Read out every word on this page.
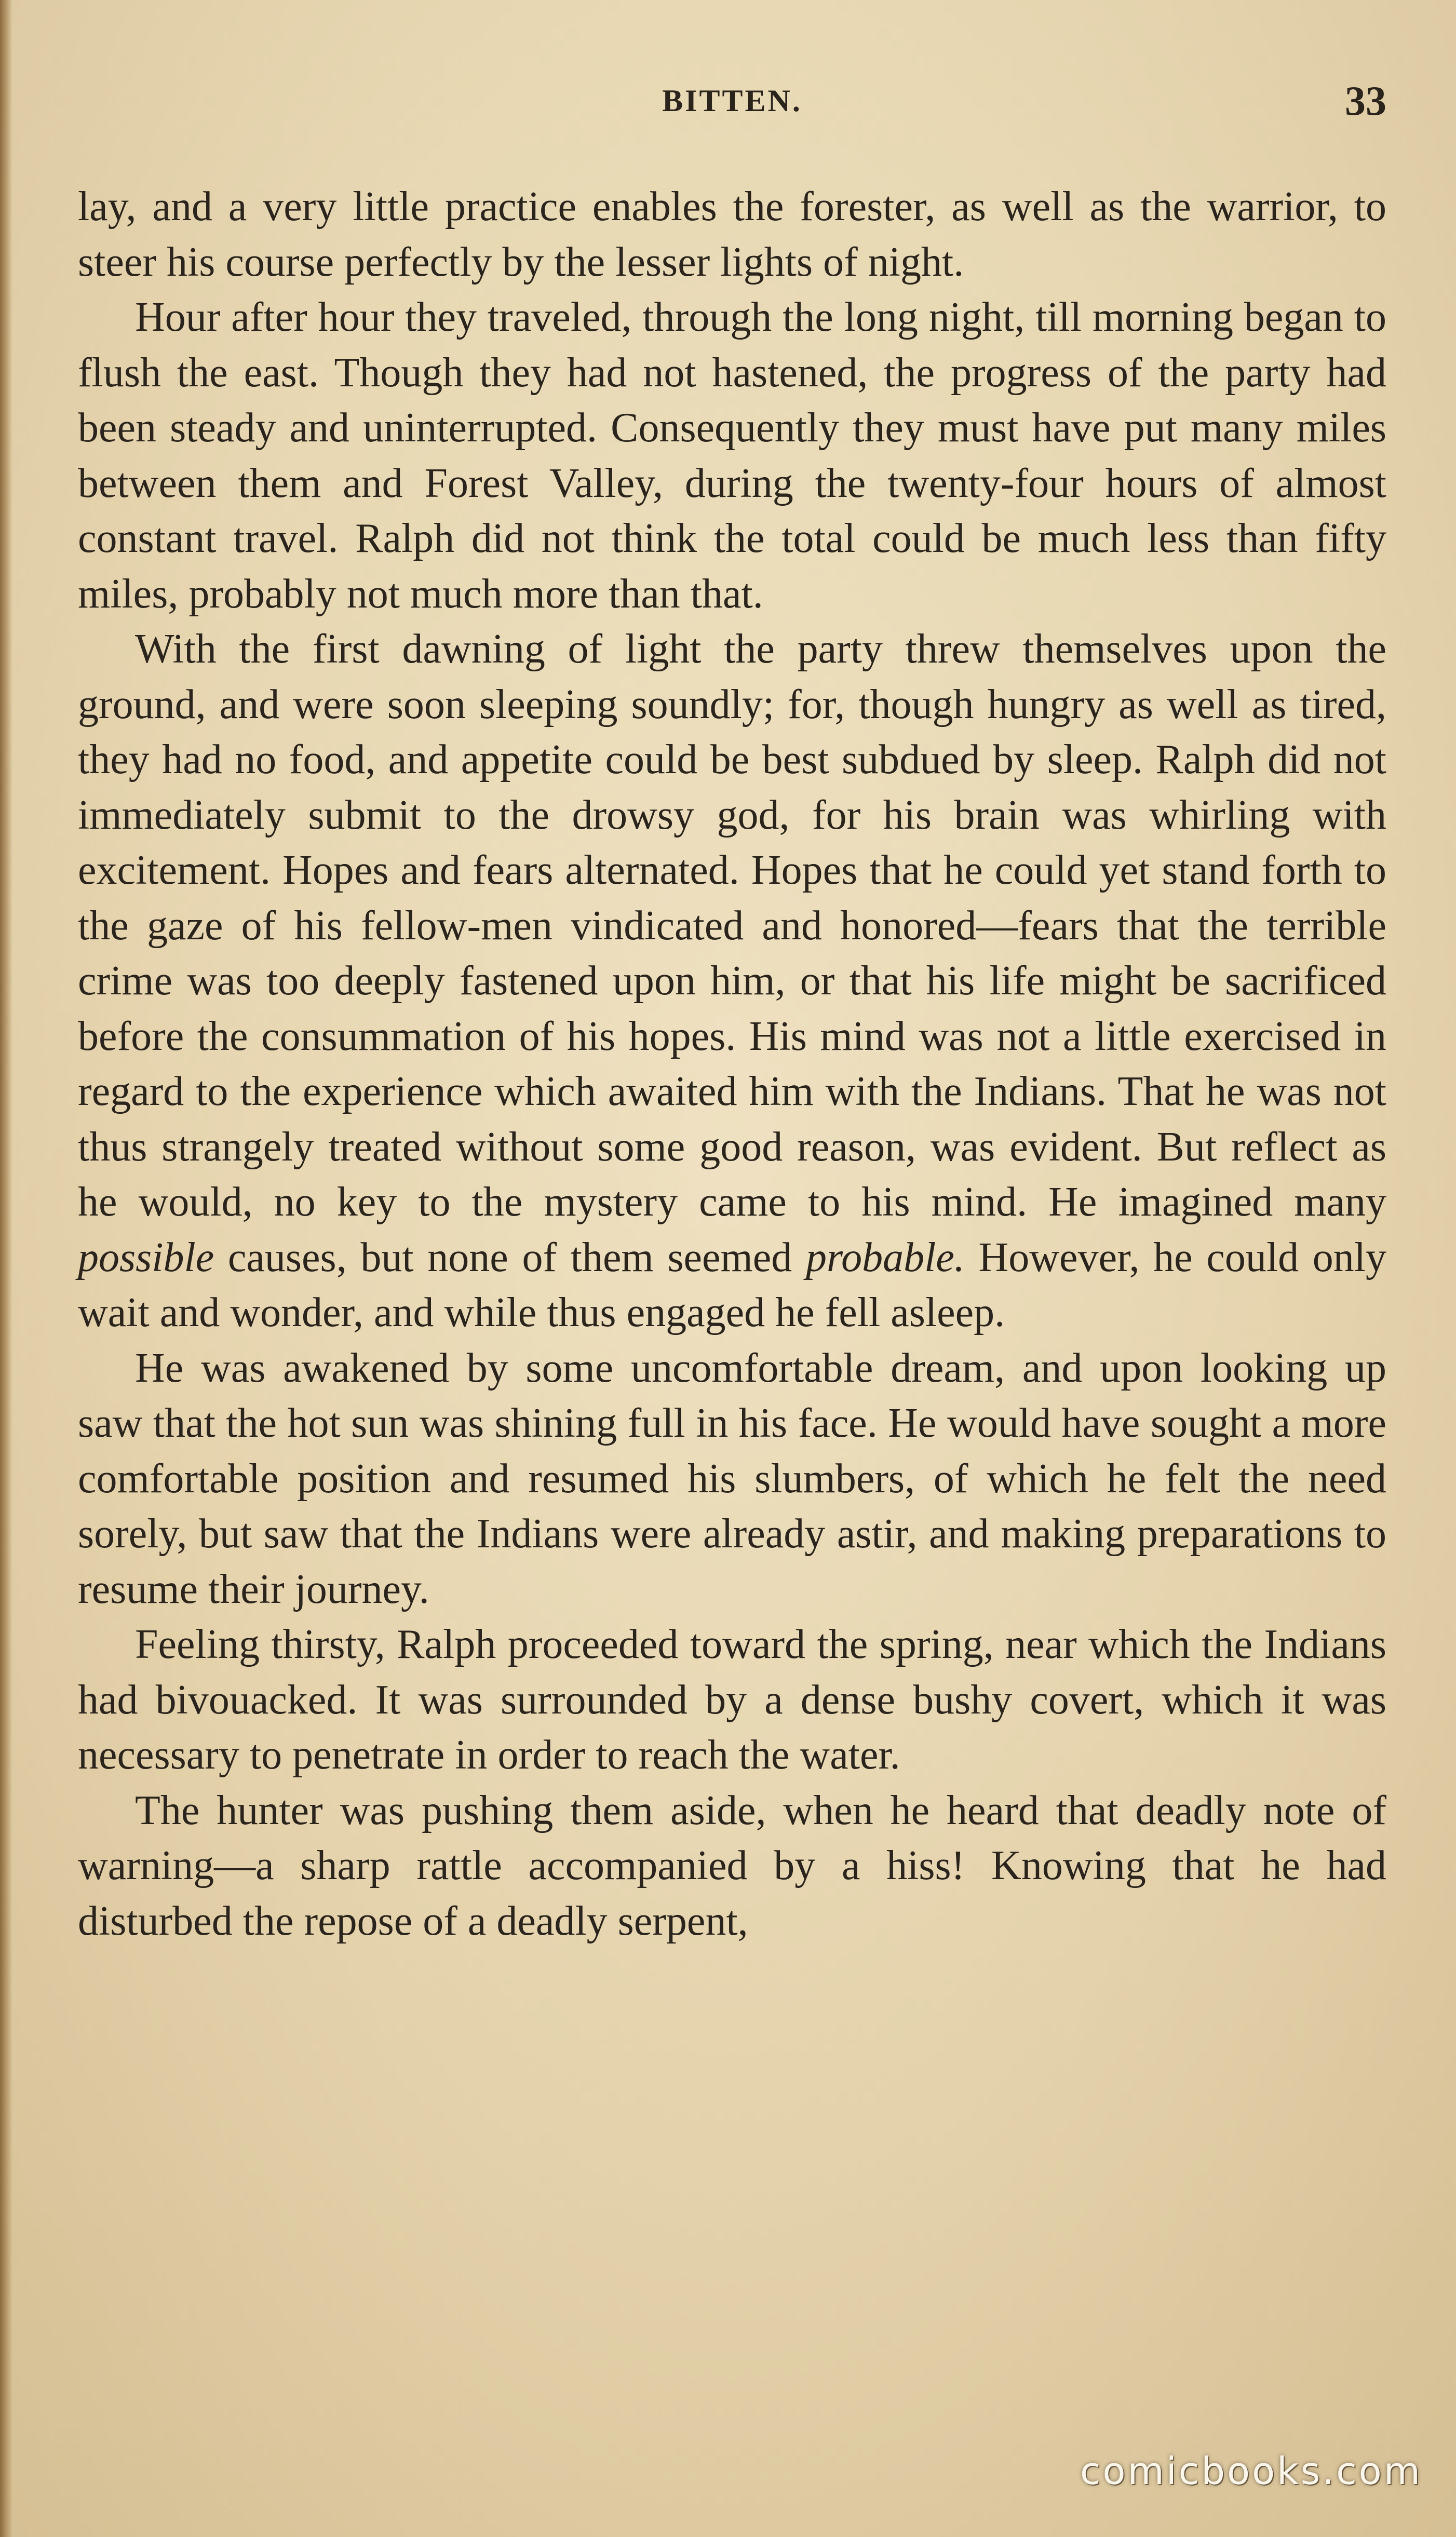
BITTEN.	33

lay, and a very little practice enables the forester, as well as the warrior, to steer his course perfectly by the lesser lights of night.

Hour after hour they traveled, through the long night, till morning began to flush the east. Though they had not hastened, the progress of the party had been steady and uninterrupted. Consequently they must have put many miles between them and Forest Valley, during the twenty-four hours of almost constant travel. Ralph did not think the total could be much less than fifty miles, probably not much more than that.

With the first dawning of light the party threw themselves upon the ground, and were soon sleeping soundly; for, though hungry as well as tired, they had no food, and appetite could be best subdued by sleep. Ralph did not immediately submit to the drowsy god, for his brain was whirling with excitement. Hopes and fears alternated. Hopes that he could yet stand forth to the gaze of his fellow-men vindicated and honored—fears that the terrible crime was too deeply fastened upon him, or that his life might be sacrificed before the consummation of his hopes. His mind was not a little exercised in regard to the experience which awaited him with the Indians. That he was not thus strangely treated without some good reason, was evident. But reflect as he would, no key to the mystery came to his mind. He imagined many possible causes, but none of them seemed probable. However, he could only wait and wonder, and while thus engaged he fell asleep.

He was awakened by some uncomfortable dream, and upon looking up saw that the hot sun was shining full in his face. He would have sought a more comfortable position and resumed his slumbers, of which he felt the need sorely, but saw that the Indians were already astir, and making preparations to resume their journey.

Feeling thirsty, Ralph proceeded toward the spring, near which the Indians had bivouacked. It was surrounded by a dense bushy covert, which it was necessary to penetrate in order to reach the water.

The hunter was pushing them aside, when he heard that deadly note of warning—a sharp rattle accompanied by a hiss! Knowing that he had disturbed the repose of a deadly serpent,

comicbooks.com
